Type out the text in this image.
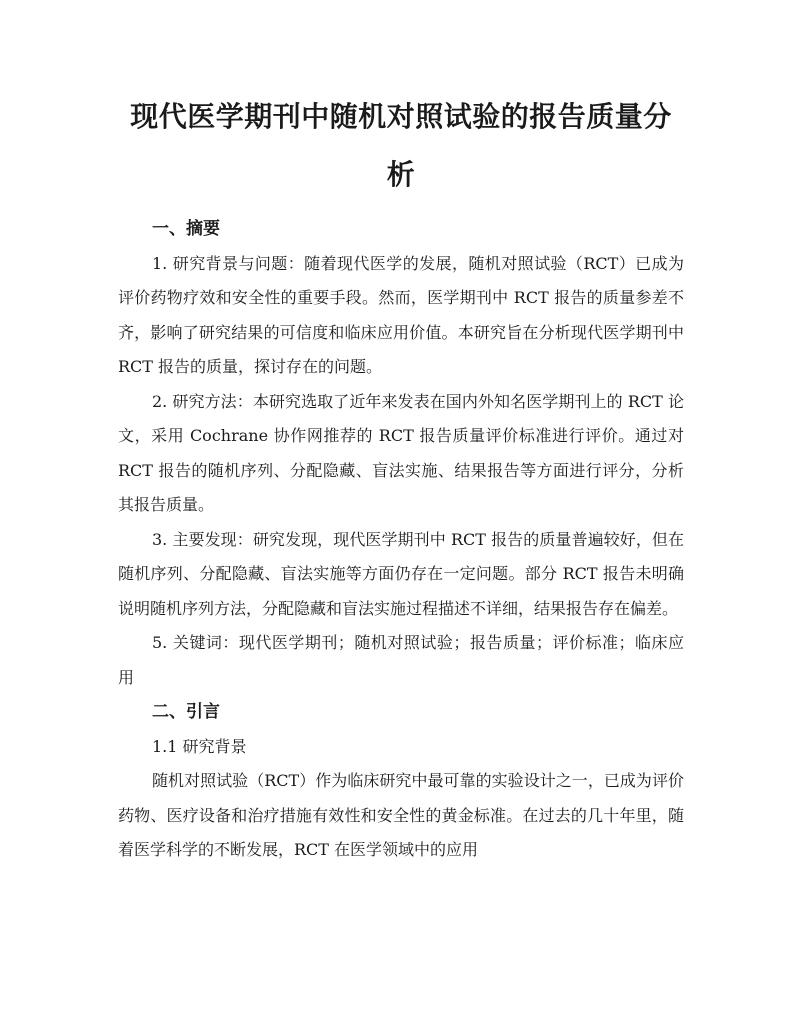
现代医学期刊中随机对照试验的报告质量分析
一、摘要

1. 研究背景与问题：随着现代医学的发展，随机对照试验（RCT）已成为评价药物疗效和安全性的重要手段。然而，医学期刊中 RCT 报告的质量参差不齐，影响了研究结果的可信度和临床应用价值。本研究旨在分析现代医学期刊中 RCT 报告的质量，探讨存在的问题。

2. 研究方法：本研究选取了近年来发表在国内外知名医学期刊上的 RCT 论文，采用 Cochrane 协作网推荐的 RCT 报告质量评价标准进行评价。通过对 RCT 报告的随机序列、分配隐藏、盲法实施、结果报告等方面进行评分，分析其报告质量。

3. 主要发现：研究发现，现代医学期刊中 RCT 报告的质量普遍较好，但在随机序列、分配隐藏、盲法实施等方面仍存在一定问题。部分 RCT 报告未明确说明随机序列方法，分配隐藏和盲法实施过程描述不详细，结果报告存在偏差。

5. 关键词：现代医学期刊；随机对照试验；报告质量；评价标准；临床应用

二、引言

1.1 研究背景

随机对照试验（RCT）作为临床研究中最可靠的实验设计之一，已成为评价药物、医疗设备和治疗措施有效性和安全性的黄金标准。在过去的几十年里，随着医学科学的不断发展，RCT 在医学领域中的应用
